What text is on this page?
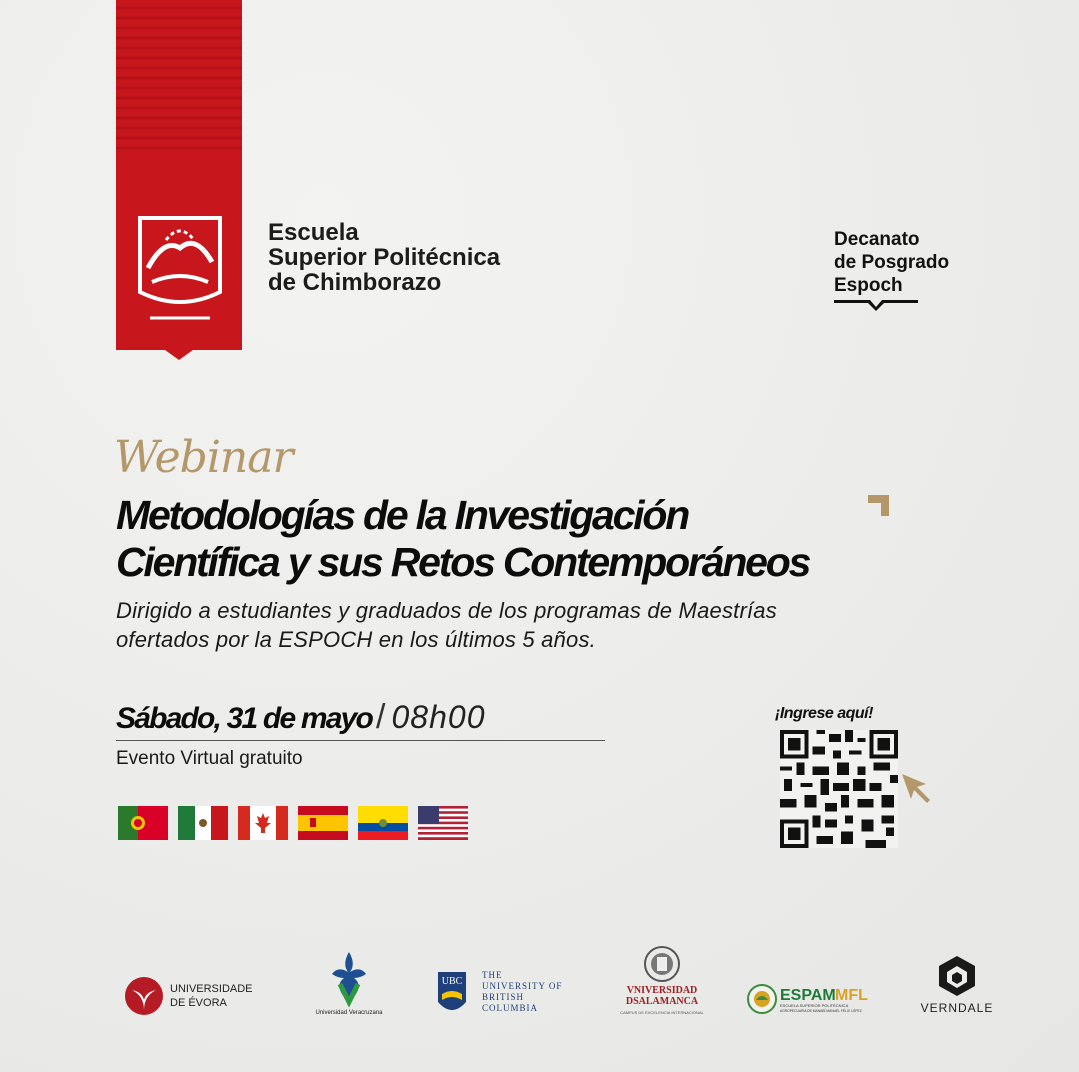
Escuela
Superior Politécnica
de Chimborazo
Decanato
de Posgrado
Espoch
Webinar
Metodologías de la Investigación
Científica y sus Retos Contemporáneos
Dirigido a estudiantes y graduados de los programas de Maestrías
ofertados por la ESPOCH en los últimos 5 años.
Sábado, 31 de mayo / 08h00
Evento Virtual gratuito
¡Ingrese aquí!
UNIVERSIDADE
DE ÉVORA
Universidad Veracruzana
UBC
THE
UNIVERSITY OF
BRITISH
COLUMBIA
VNIVERSIDAD
DSALAMANCA
CAMPUS DE EXCELENCIA INTERNACIONAL
ESPAM MFL
ESCUELA SUPERIOR POLITÉCNICA
AGROPECUARIA DE MANABÍ MANUEL FÉLIX LÓPEZ	VERNDALE
